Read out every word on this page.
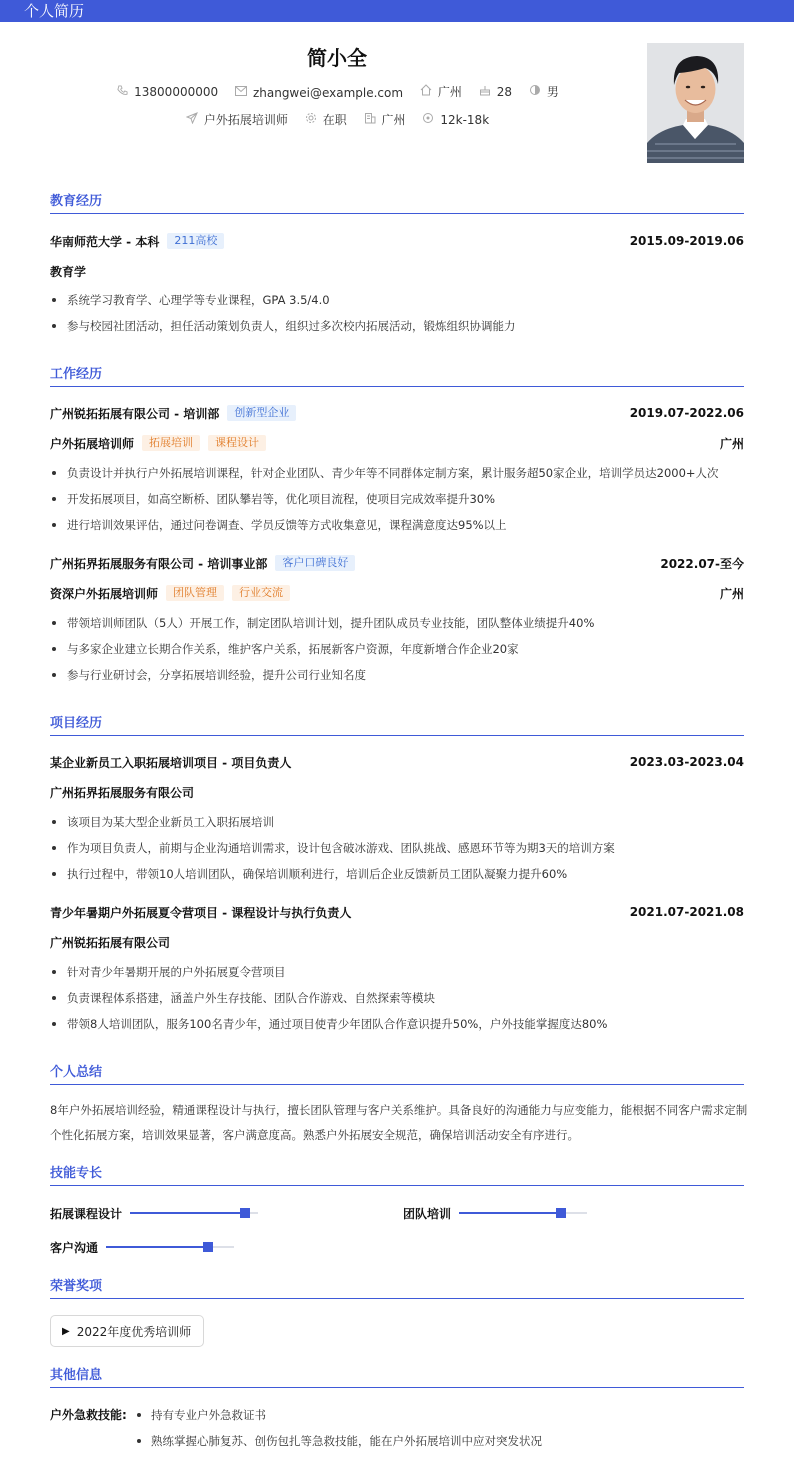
个人简历
简小全
13800000000
	zhangwei@example.com
	广州
	28
	男
户外拓展培训师
	在职
	广州
	12k-18k
教育经历
华南师范大学 - 本科	211高校	2015.09-2019.06
教育学
系统学习教育学、心理学等专业课程，GPA 3.5/4.0
参与校园社团活动，担任活动策划负责人，组织过多次校内拓展活动，锻炼组织协调能力
工作经历
广州锐拓拓展有限公司 - 培训部	创新型企业	2019.07-2022.06
户外拓展培训师	拓展培训	课程设计	广州
负责设计并执行户外拓展培训课程，针对企业团队、青少年等不同群体定制方案，累计服务超50家企业，培训学员达2000+人次
开发拓展项目，如高空断桥、团队攀岩等，优化项目流程，使项目完成效率提升30%
进行培训效果评估，通过问卷调查、学员反馈等方式收集意见，课程满意度达95%以上
广州拓界拓展服务有限公司 - 培训事业部	客户口碑良好	2022.07-至今
资深户外拓展培训师	团队管理	行业交流	广州
带领培训师团队（5人）开展工作，制定团队培训计划，提升团队成员专业技能，团队整体业绩提升40%
与多家企业建立长期合作关系，维护客户关系，拓展新客户资源，年度新增合作企业20家
参与行业研讨会，分享拓展培训经验，提升公司行业知名度
项目经历
某企业新员工入职拓展培训项目 - 项目负责人	2023.03-2023.04
广州拓界拓展服务有限公司
该项目为某大型企业新员工入职拓展培训
作为项目负责人，前期与企业沟通培训需求，设计包含破冰游戏、团队挑战、感恩环节等为期3天的培训方案
执行过程中，带领10人培训团队，确保培训顺利进行，培训后企业反馈新员工团队凝聚力提升60%
青少年暑期户外拓展夏令营项目 - 课程设计与执行负责人	2021.07-2021.08
广州锐拓拓展有限公司
针对青少年暑期开展的户外拓展夏令营项目
负责课程体系搭建，涵盖户外生存技能、团队合作游戏、自然探索等模块
带领8人培训团队，服务100名青少年，通过项目使青少年团队合作意识提升50%，户外技能掌握度达80%
个人总结
8年户外拓展培训经验，精通课程设计与执行，擅长团队管理与客户关系维护。具备良好的沟通能力与应变能力，能根据不同客户需求定制个性化拓展方案，培训效果显著，客户满意度高。熟悉户外拓展安全规范，确保培训活动安全有序进行。
技能专长
拓展课程设计	团队培训
客户沟通
荣誉奖项
▶ 2022年度优秀培训师
其他信息
户外急救技能:	持有专业户外急救证书
熟练掌握心肺复苏、创伤包扎等急救技能，能在户外拓展培训中应对突发状况
